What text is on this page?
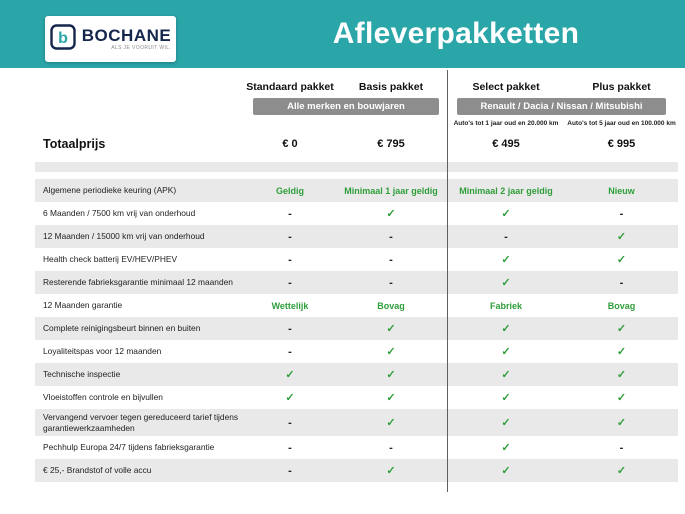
b BOCHANE
ALS JE VOORUIT WIL.	Afleverpakketten
Standaard pakket	Basis pakket	Select pakket	Plus pakket
Alle merken en bouwjaren	Renault / Dacia / Nissan / Mitsubishi
Auto's tot 1 jaar oud en 20.000 km	Auto's tot 5 jaar oud en 100.000 km
Totaalprijs	€ 0	€ 795	€ 495	€ 995
Algemene periodieke keuring (APK)	Geldig	Minimaal 1 jaar geldig	Minimaal 2 jaar geldig	Nieuw
6 Maanden / 7500 km vrij van onderhoud	-	✓	✓	-
12 Maanden / 15000 km vrij van onderhoud	-	-	-	✓
Health check batterij EV/HEV/PHEV	-	-	✓	✓
Resterende fabrieksgarantie minimaal 12 maanden	-	-	✓	-
12 Maanden garantie	Wettelijk	Bovag	Fabriek	Bovag
Complete reinigingsbeurt binnen en buiten	-	✓	✓	✓
Loyaliteitspas voor 12 maanden	-	✓	✓	✓
Technische inspectie	✓	✓	✓	✓
Vloeistoffen controle en bijvullen	✓	✓	✓	✓
Vervangend vervoer tegen gereduceerd tarief tijdens garantiewerkzaamheden	-	✓	✓	✓
Pechhulp Europa 24/7 tijdens fabrieksgarantie	-	-	✓	-
€ 25,- Brandstof of volle accu	-	✓	✓	✓
